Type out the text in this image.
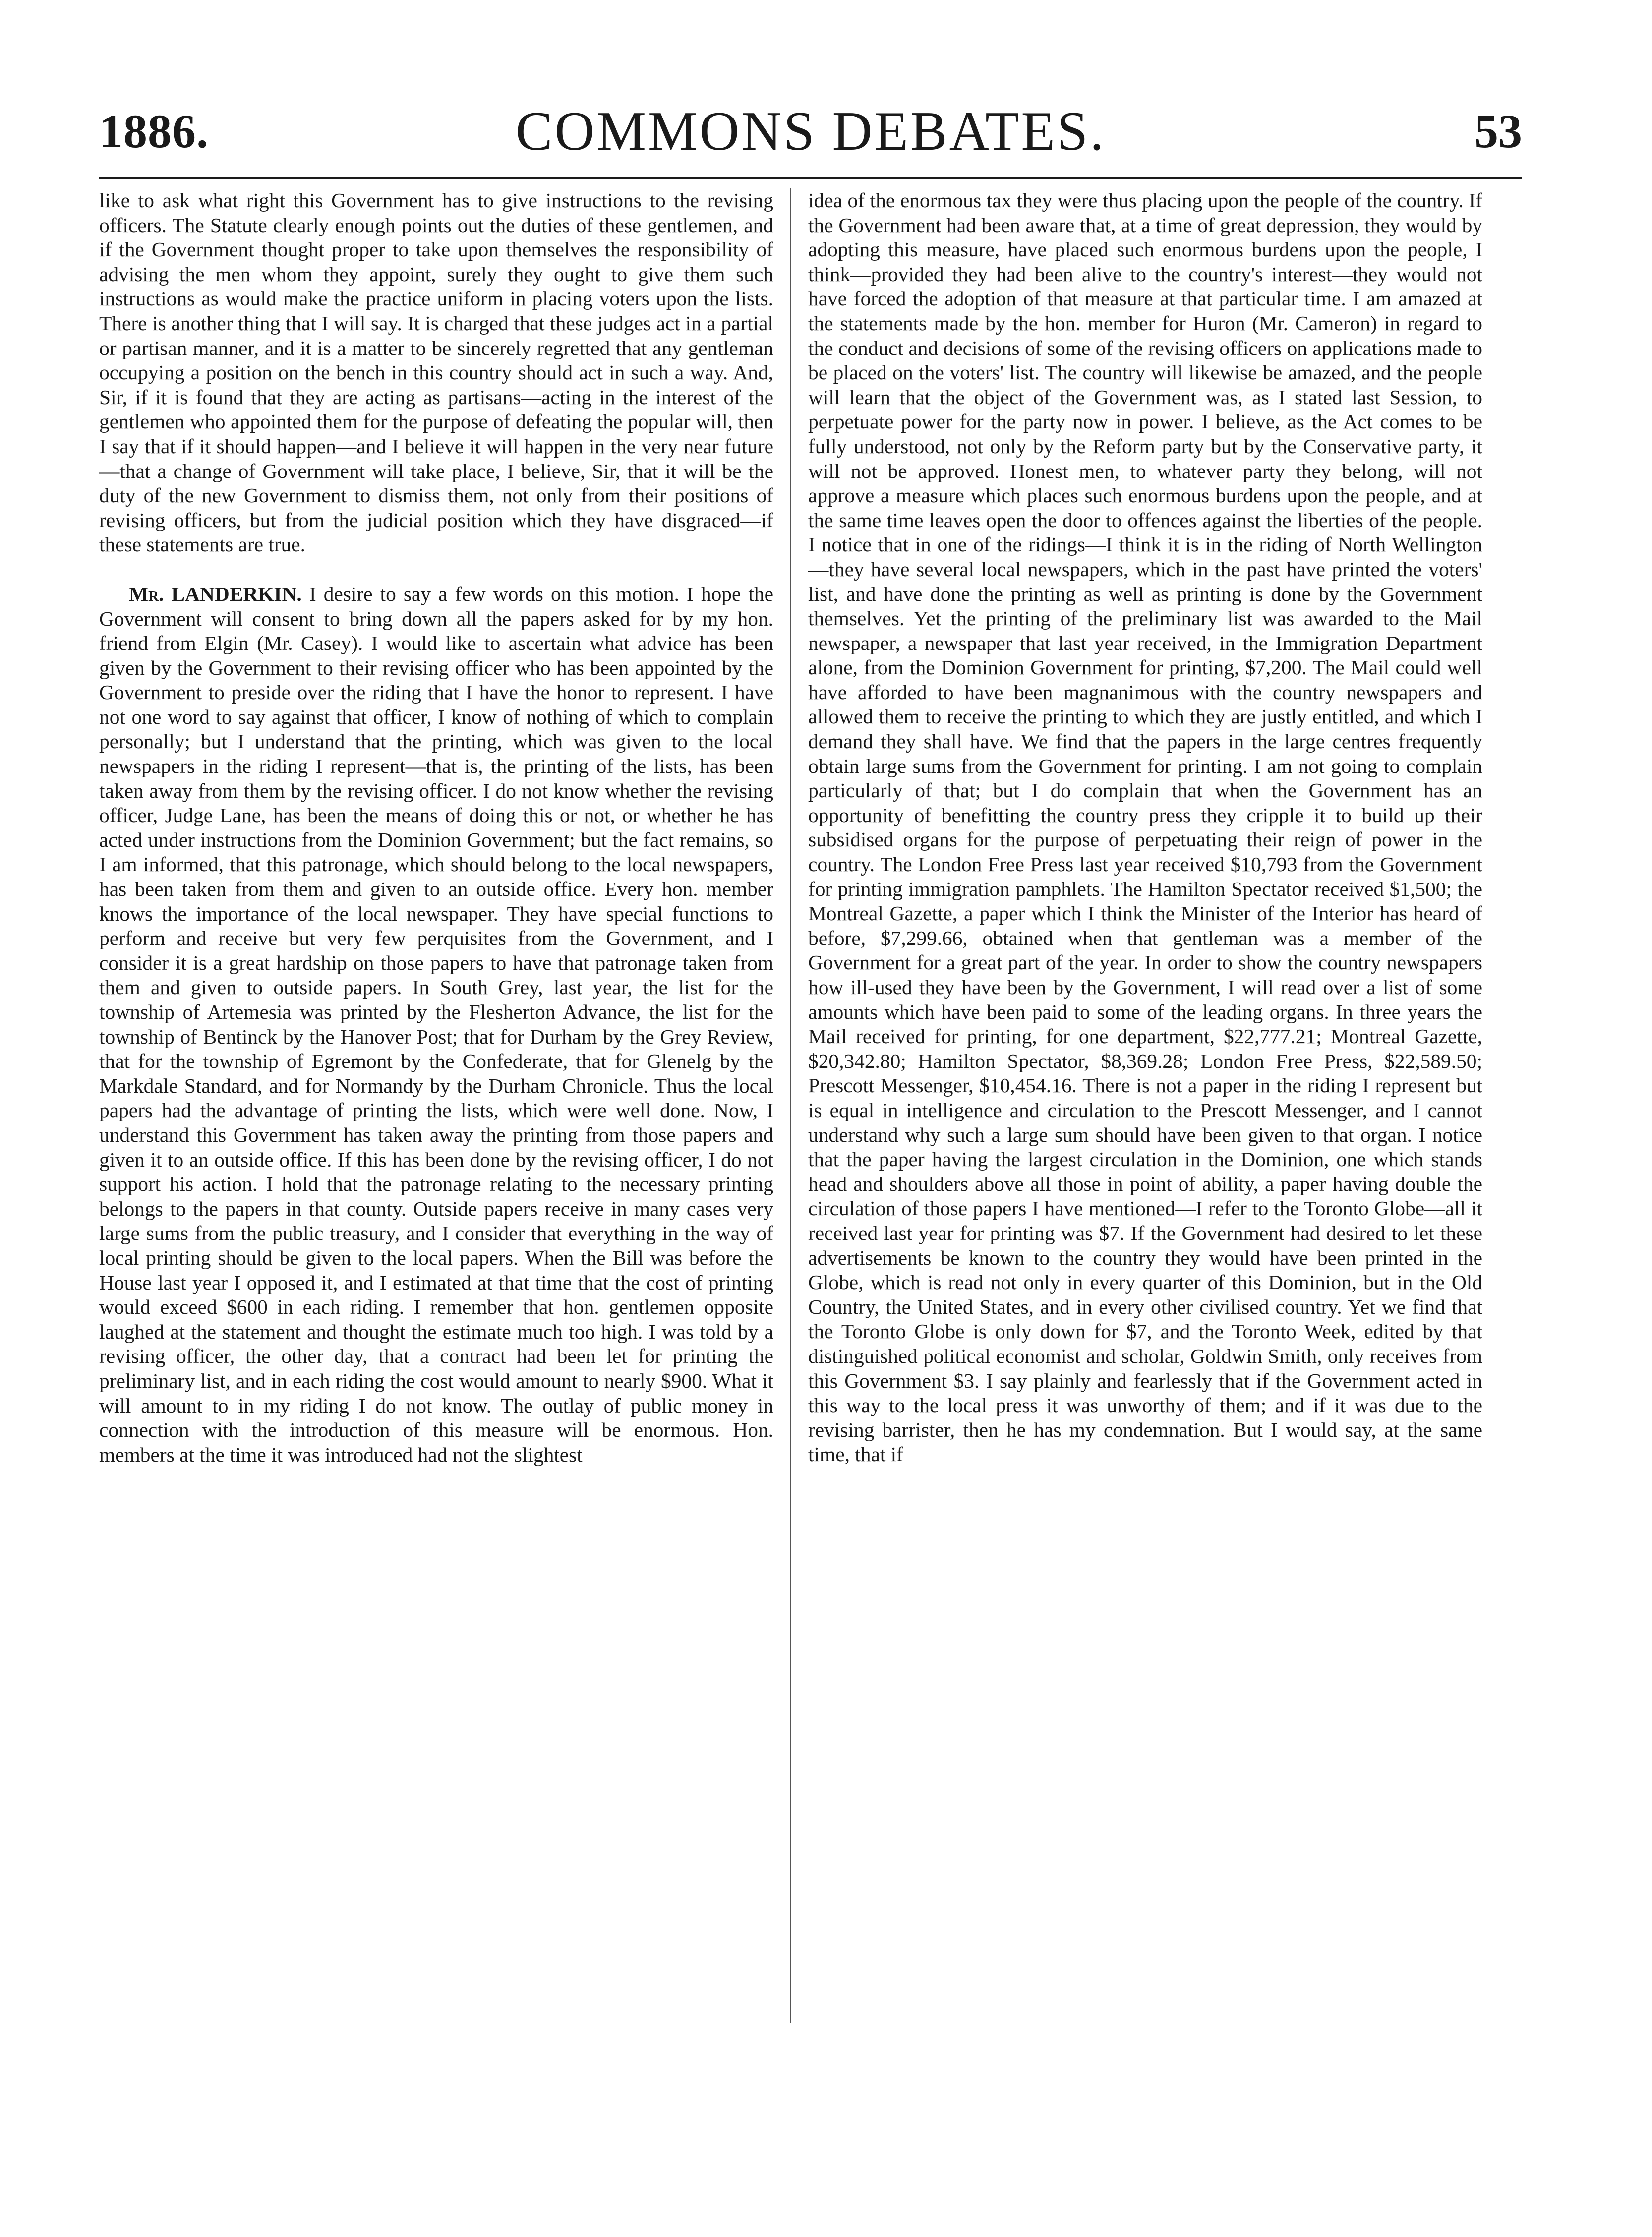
1886.	COMMONS DEBATES.	53

like to ask what right this Government has to give instructions to the revising officers. The Statute clearly enough points out the duties of these gentlemen, and if the Government thought proper to take upon themselves the responsibility of advising the men whom they appoint, surely they ought to give them such instructions as would make the practice uniform in placing voters upon the lists. There is another thing that I will say. It is charged that these judges act in a partial or partisan manner, and it is a matter to be sincerely regretted that any gentleman occupying a position on the bench in this country should act in such a way. And, Sir, if it is found that they are acting as partisans—acting in the interest of the gentlemen who appointed them for the purpose of defeating the popular will, then I say that if it should happen—and I believe it will happen in the very near future—that a change of Government will take place, I believe, Sir, that it will be the duty of the new Government to dismiss them, not only from their positions of revising officers, but from the judicial position which they have disgraced—if these statements are true.

Mr. LANDERKIN. I desire to say a few words on this motion. I hope the Government will consent to bring down all the papers asked for by my hon. friend from Elgin (Mr. Casey). I would like to ascertain what advice has been given by the Government to their revising officer who has been appointed by the Government to preside over the riding that I have the honor to represent. I have not one word to say against that officer, I know of nothing of which to complain personally; but I understand that the printing, which was given to the local newspapers in the riding I represent—that is, the printing of the lists, has been taken away from them by the revising officer. I do not know whether the revising officer, Judge Lane, has been the means of doing this or not, or whether he has acted under instructions from the Dominion Government; but the fact remains, so I am informed, that this patronage, which should belong to the local newspapers, has been taken from them and given to an outside office. Every hon. member knows the importance of the local newspaper. They have special functions to perform and receive but very few perquisites from the Government, and I consider it is a great hardship on those papers to have that patronage taken from them and given to outside papers. In South Grey, last year, the list for the township of Artemesia was printed by the Flesherton Advance, the list for the township of Bentinck by the Hanover Post; that for Durham by the Grey Review, that for the township of Egremont by the Confederate, that for Glenelg by the Markdale Standard, and for Normandy by the Durham Chronicle. Thus the local papers had the advantage of printing the lists, which were well done. Now, I understand this Government has taken away the printing from those papers and given it to an outside office. If this has been done by the revising officer, I do not support his action. I hold that the patronage relating to the necessary printing belongs to the papers in that county. Outside papers receive in many cases very large sums from the public treasury, and I consider that everything in the way of local printing should be given to the local papers. When the Bill was before the House last year I opposed it, and I estimated at that time that the cost of printing would exceed $600 in each riding. I remember that hon. gentlemen opposite laughed at the statement and thought the estimate much too high. I was told by a revising officer, the other day, that a contract had been let for printing the preliminary list, and in each riding the cost would amount to nearly $900. What it will amount to in my riding I do not know. The outlay of public money in connection with the introduction of this measure will be enormous. Hon. members at the time it was introduced had not the slightest

idea of the enormous tax they were thus placing upon the people of the country. If the Government had been aware that, at a time of great depression, they would by adopting this measure, have placed such enormous burdens upon the people, I think—provided they had been alive to the country's interest—they would not have forced the adoption of that measure at that particular time. I am amazed at the statements made by the hon. member for Huron (Mr. Cameron) in regard to the conduct and decisions of some of the revising officers on applications made to be placed on the voters' list. The country will likewise be amazed, and the people will learn that the object of the Government was, as I stated last Session, to perpetuate power for the party now in power. I believe, as the Act comes to be fully understood, not only by the Reform party but by the Conservative party, it will not be approved. Honest men, to whatever party they belong, will not approve a measure which places such enormous burdens upon the people, and at the same time leaves open the door to offences against the liberties of the people. I notice that in one of the ridings—I think it is in the riding of North Wellington—they have several local newspapers, which in the past have printed the voters' list, and have done the printing as well as printing is done by the Government themselves. Yet the printing of the preliminary list was awarded to the Mail newspaper, a newspaper that last year received, in the Immigration Department alone, from the Dominion Government for printing, $7,200. The Mail could well have afforded to have been magnanimous with the country newspapers and allowed them to receive the printing to which they are justly entitled, and which I demand they shall have. We find that the papers in the large centres frequently obtain large sums from the Government for printing. I am not going to complain particularly of that; but I do complain that when the Government has an opportunity of benefitting the country press they cripple it to build up their subsidised organs for the purpose of perpetuating their reign of power in the country. The London Free Press last year received $10,793 from the Government for printing immigration pamphlets. The Hamilton Spectator received $1,500; the Montreal Gazette, a paper which I think the Minister of the Interior has heard of before, $7,299.66, obtained when that gentleman was a member of the Government for a great part of the year. In order to show the country newspapers how ill-used they have been by the Government, I will read over a list of some amounts which have been paid to some of the leading organs. In three years the Mail received for printing, for one department, $22,777.21; Montreal Gazette, $20,342.80; Hamilton Spectator, $8,369.28; London Free Press, $22,589.50; Prescott Messenger, $10,454.16. There is not a paper in the riding I represent but is equal in intelligence and circulation to the Prescott Messenger, and I cannot understand why such a large sum should have been given to that organ. I notice that the paper having the largest circulation in the Dominion, one which stands head and shoulders above all those in point of ability, a paper having double the circulation of those papers I have mentioned—I refer to the Toronto Globe—all it received last year for printing was $7. If the Government had desired to let these advertisements be known to the country they would have been printed in the Globe, which is read not only in every quarter of this Dominion, but in the Old Country, the United States, and in every other civilised country. Yet we find that the Toronto Globe is only down for $7, and the Toronto Week, edited by that distinguished political economist and scholar, Goldwin Smith, only receives from this Government $3. I say plainly and fearlessly that if the Government acted in this way to the local press it was unworthy of them; and if it was due to the revising barrister, then he has my condemnation. But I would say, at the same time, that if
